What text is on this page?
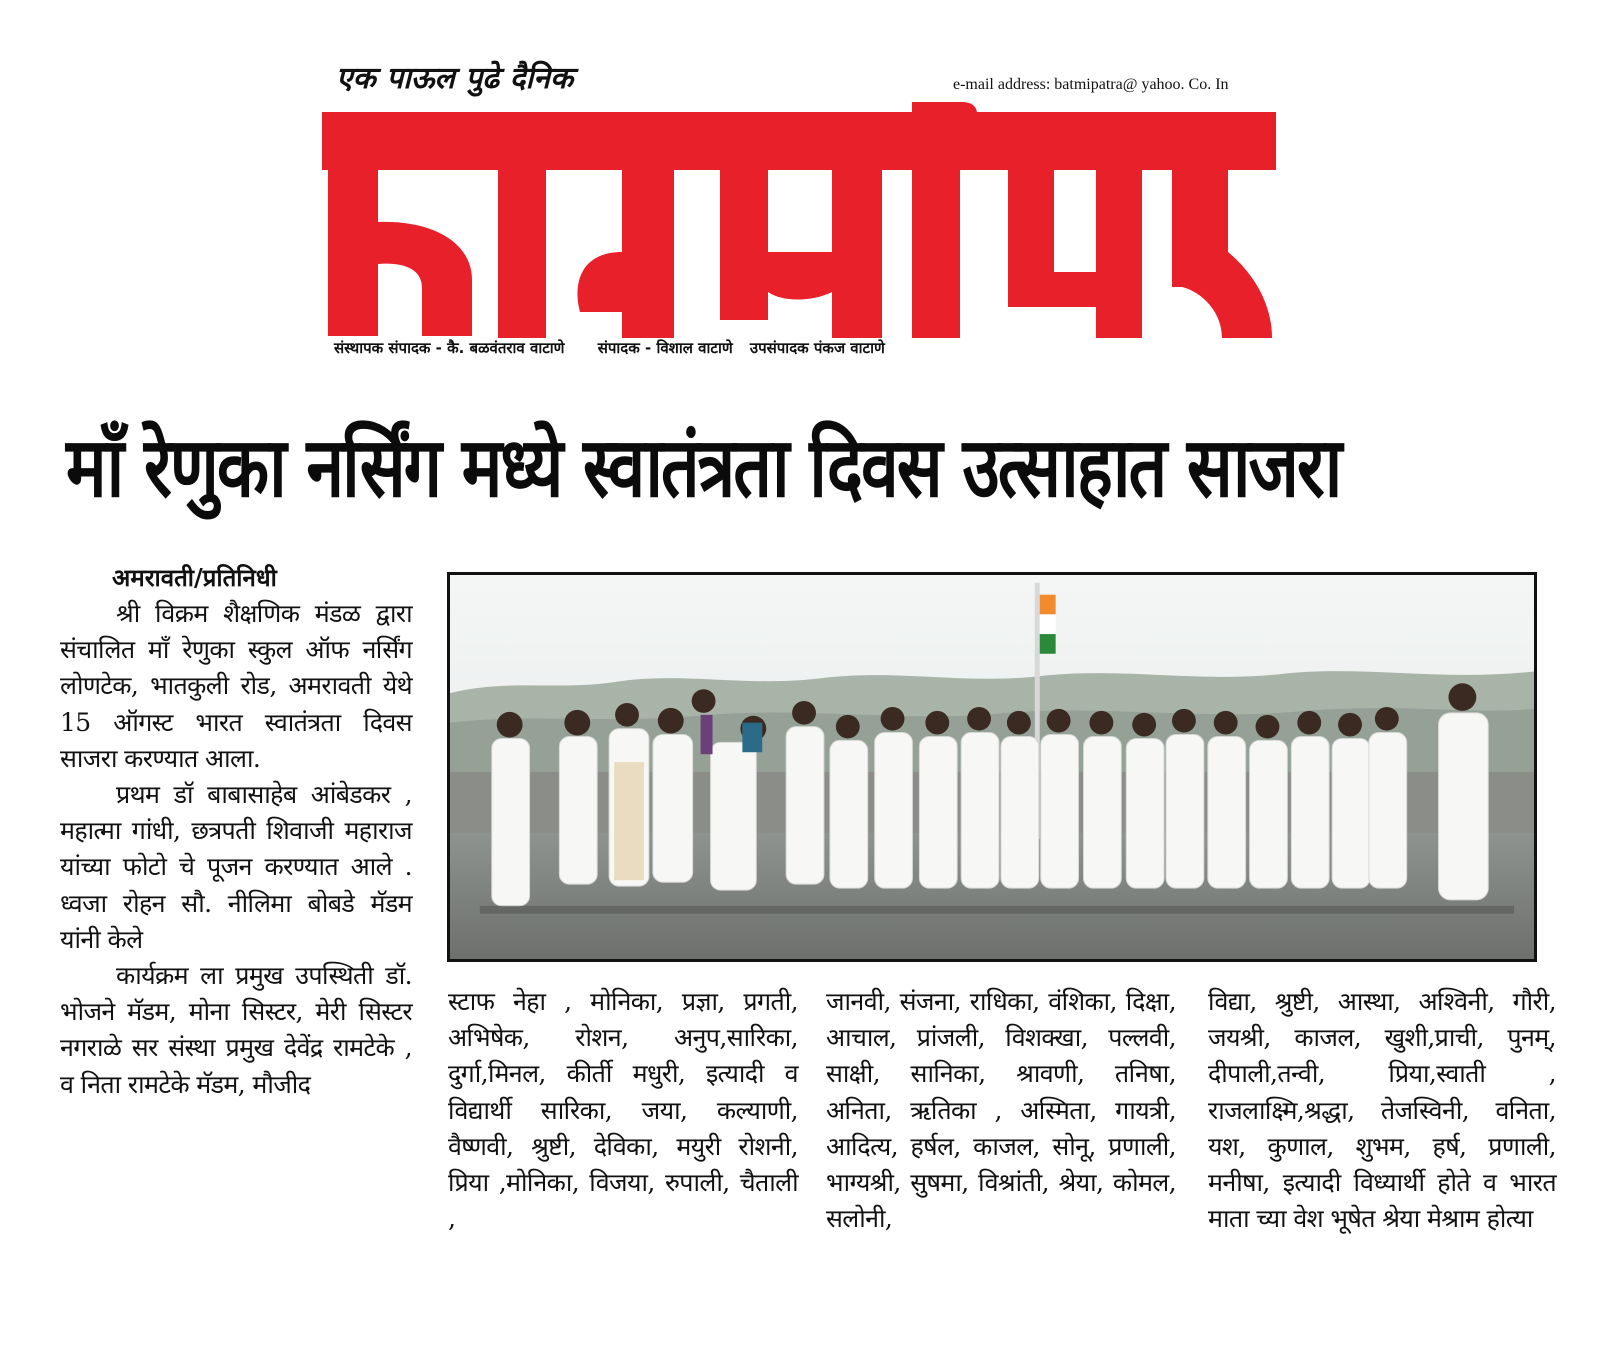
एक पाऊल पुढे दैनिक	e-mail address: batmipatra@ yahoo. Co. In
संस्थापक संपादक - कै. बळवंतराव वाटाणे संपादक - विशाल वाटाणे उपसंपादक पंकज वाटाणे
माँ रेणुका नर्सिंग मध्ये स्वातंत्रता दिवस उत्साहात साजरा
अमरावती/प्रतिनिधी
श्री विक्रम शैक्षणिक मंडळ द्वारा संचालित माँ रेणुका स्कुल ऑफ नर्सिंग लोणटेक, भातकुली रोड, अमरावती येथे 15 ऑगस्ट भारत स्वातंत्रता दिवस साजरा करण्यात आला.
प्रथम डॉ बाबासाहेब आंबेडकर , महात्मा गांधी, छत्रपती शिवाजी महाराज यांच्या फोटो चे पूजन करण्यात आले . ध्वजा रोहन सौ. नीलिमा बोबडे मॅडम यांनी केले
कार्यक्रम ला प्रमुख उपस्थिती डॉ. भोजने मॅडम, मोना सिस्टर, मेरी सिस्टर नगराळे सर संस्था प्रमुख देवेंद्र रामटेके , व निता रामटेके मॅडम, मौजीद
स्टाफ नेहा , मोनिका, प्रज्ञा, प्रगती, अभिषेक, रोशन, अनुप,सारिका, दुर्गा,मिनल, कीर्ती मधुरी, इत्यादी व विद्यार्थी सारिका, जया, कल्याणी, वैष्णवी, श्रुष्टी, देविका, मयुरी रोशनी, प्रिया ,मोनिका, विजया, रुपाली, चैताली ,
जानवी, संजना, राधिका, वंशिका, दिक्षा, आचाल, प्रांजली, विशक्खा, पल्लवी, साक्षी, सानिका, श्रावणी, तनिषा, अनिता, ऋतिका , अस्मिता, गायत्री, आदित्य, हर्षल, काजल, सोनू, प्रणाली, भाग्यश्री, सुषमा, विश्रांती, श्रेया, कोमल, सलोनी,
विद्या, श्रुष्टी, आस्था, अश्विनी, गौरी, जयश्री, काजल, खुशी,प्राची, पुनम्, दीपाली,तन्वी, प्रिया,स्वाती , राजलाक्ष्मि,श्रद्धा, तेजस्विनी, वनिता, यश, कुणाल, शुभम, हर्ष, प्रणाली, मनीषा, इत्यादी विध्यार्थी होते व भारत माता च्या वेश भूषेत श्रेया मेश्राम होत्या
